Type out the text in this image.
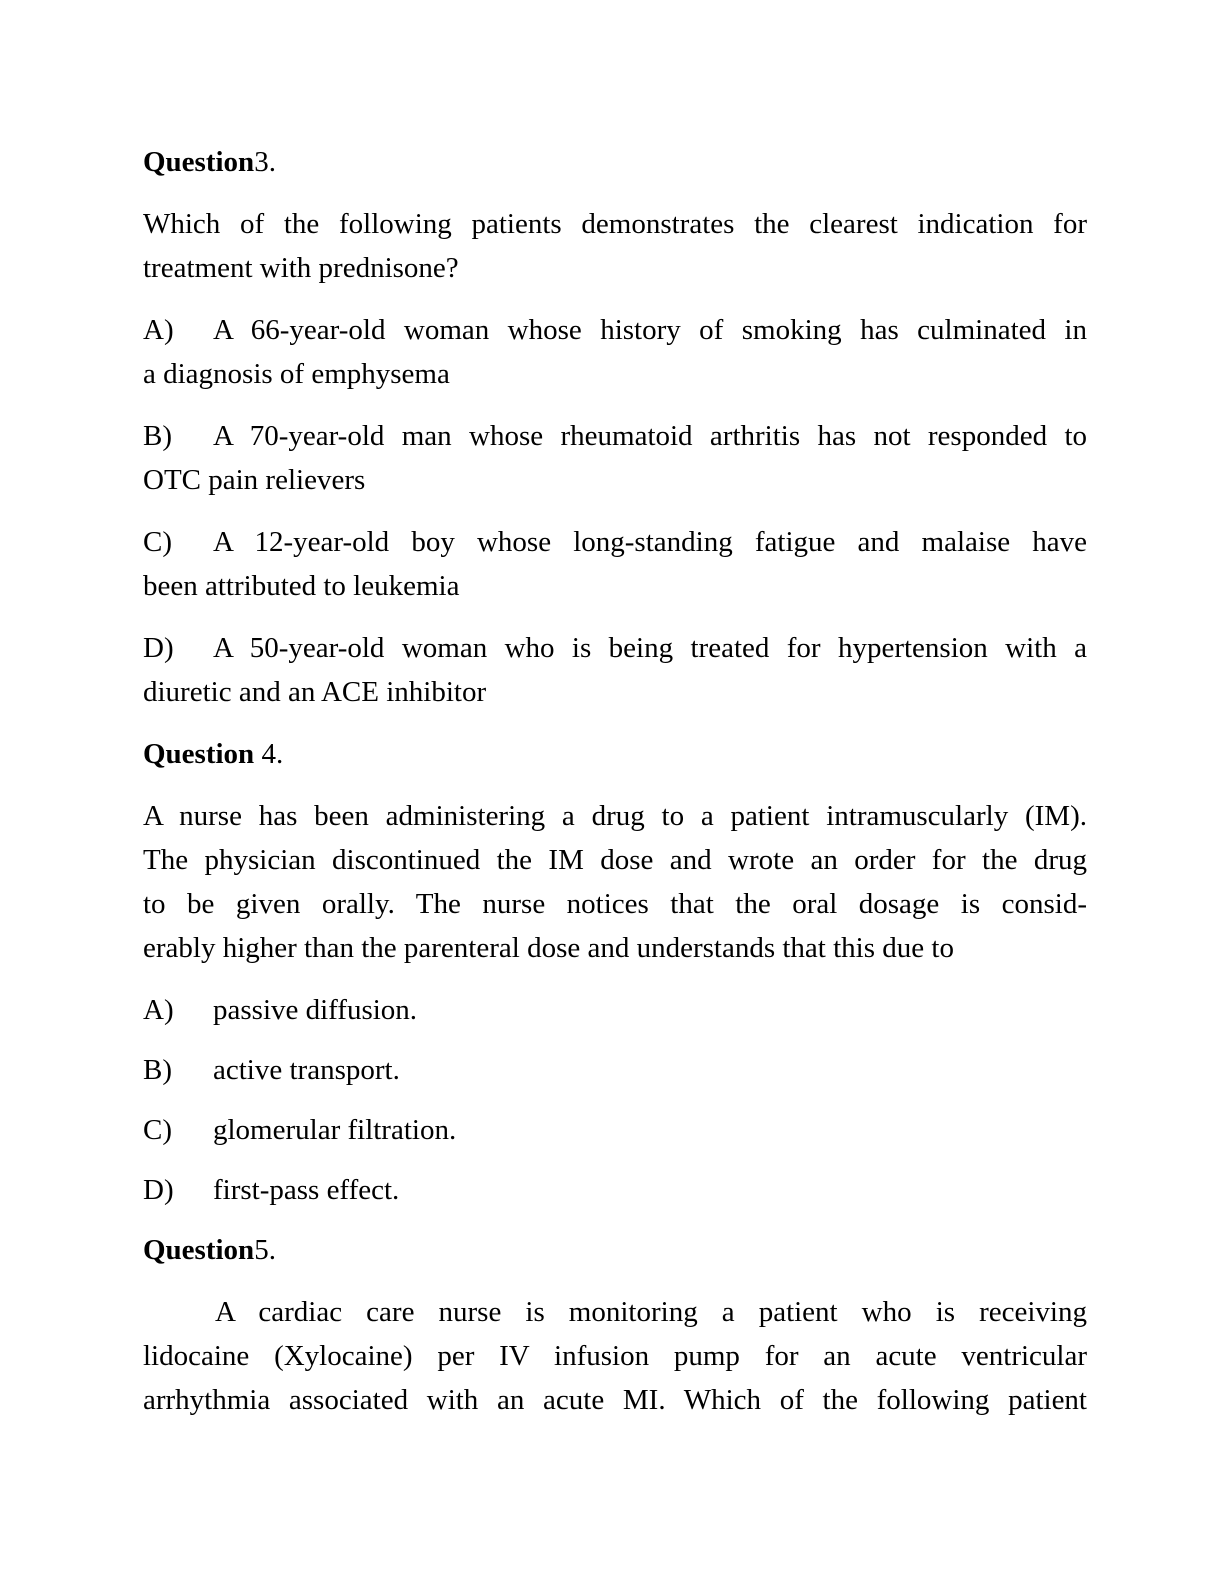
Question3.
Which of the following patients demonstrates the clearest indication for
treatment with prednisone?
A) A 66-year-old woman whose history of smoking has culminated in
a diagnosis of emphysema
B) A 70-year-old man whose rheumatoid arthritis has not responded to
OTC pain relievers
C) A 12-year-old boy whose long-standing fatigue and malaise have
been attributed to leukemia
D) A 50-year-old woman who is being treated for hypertension with a
diuretic and an ACE inhibitor
Question 4.
A nurse has been administering a drug to a patient intramuscularly (IM).
The physician discontinued the IM dose and wrote an order for the drug
to be given orally. The nurse notices that the oral dosage is consid-
erably higher than the parenteral dose and understands that this due to
A) passive diffusion.
B) active transport.
C) glomerular filtration.
D) first-pass effect.
Question5.
A cardiac care nurse is monitoring a patient who is receiving
lidocaine (Xylocaine) per IV infusion pump for an acute ventricular
arrhythmia associated with an acute MI. Which of the following patient
